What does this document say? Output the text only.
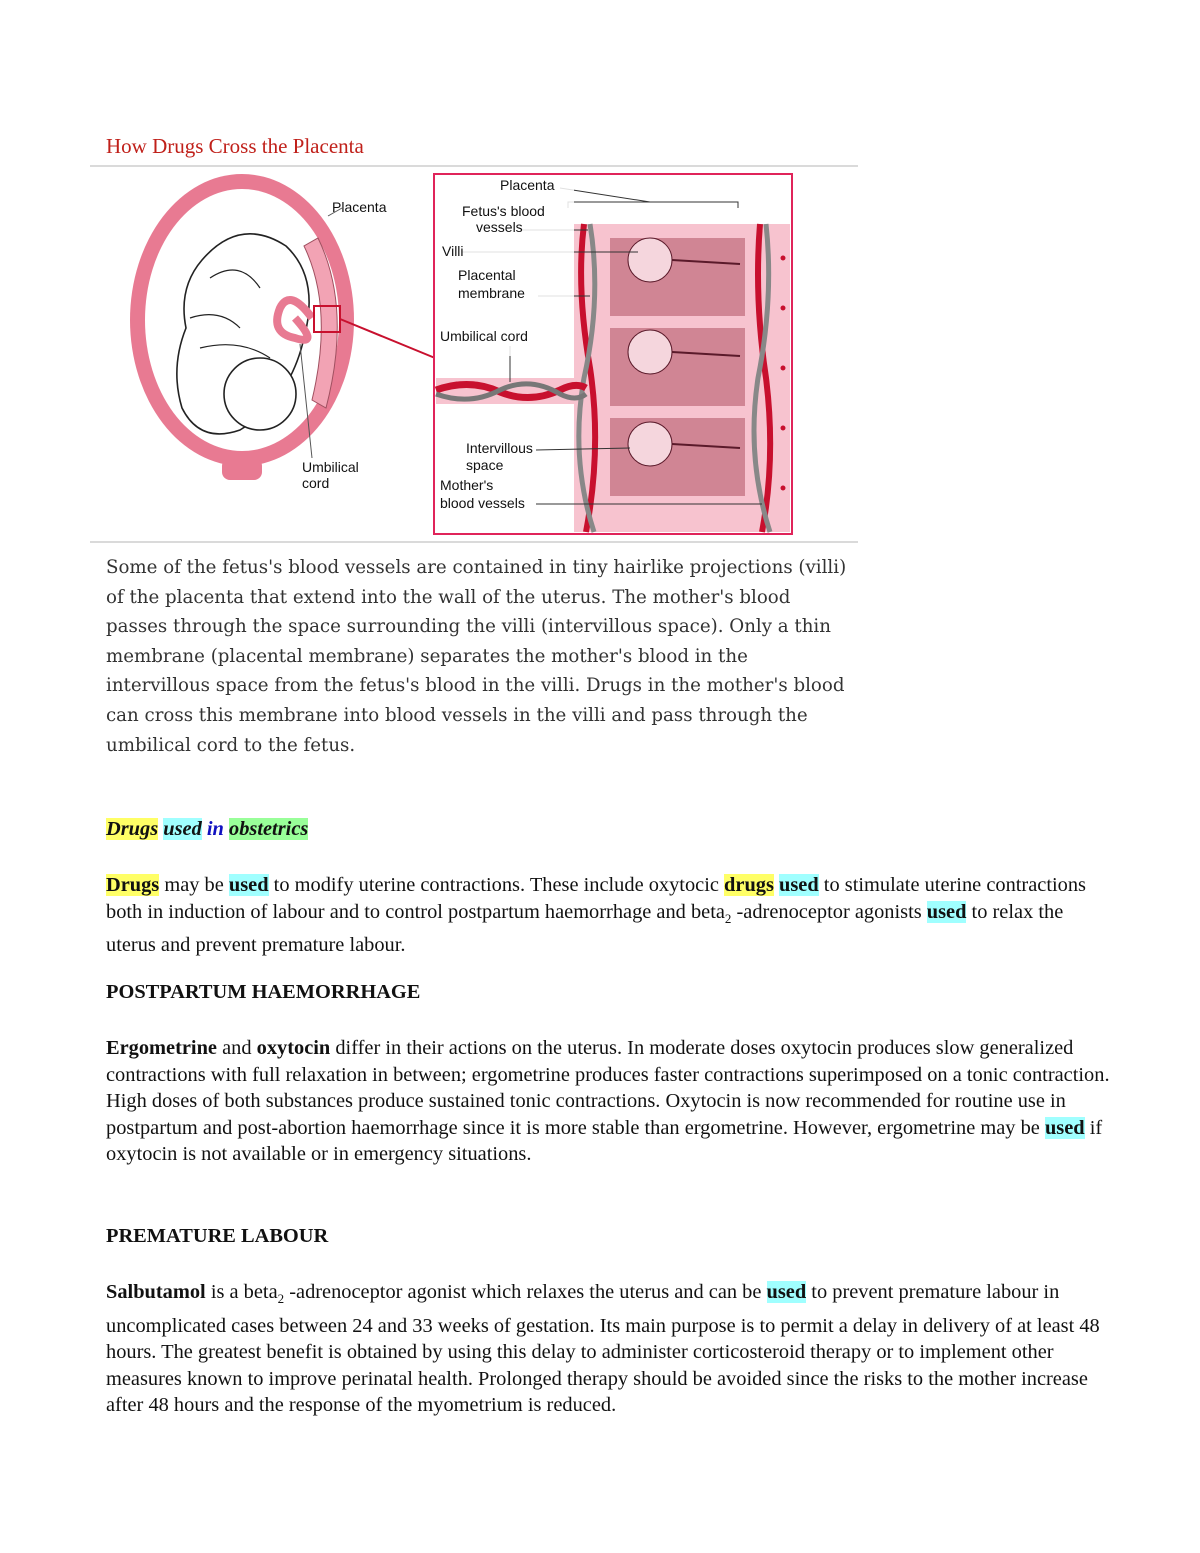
How Drugs Cross the Placenta
Placenta
Umbilical
cord
Placenta
Fetus's blood
vessels
Villi
Placental
membrane
Umbilical cord
Intervillous
space
Mother's
blood vessels

Some of the fetus's blood vessels are contained in tiny hairlike projections (villi) of the placenta that extend into the wall of the uterus. The mother's blood passes through the space surrounding the villi (intervillous space). Only a thin membrane (placental membrane) separates the mother's blood in the intervillous space from the fetus's blood in the villi. Drugs in the mother's blood can cross this membrane into blood vessels in the villi and pass through the umbilical cord to the fetus.

Drugs used in obstetrics

Drugs may be used to modify uterine contractions. These include oxytocic drugs used to stimulate uterine contractions both in induction of labour and to control postpartum haemorrhage and beta$_2$ -adrenoceptor agonists used to relax the uterus and prevent premature labour.

POSTPARTUM HAEMORRHAGE

Ergometrine and oxytocin differ in their actions on the uterus. In moderate doses oxytocin produces slow generalized contractions with full relaxation in between; ergometrine produces faster contractions superimposed on a tonic contraction. High doses of both substances produce sustained tonic contractions. Oxytocin is now recommended for routine use in postpartum and post-abortion haemorrhage since it is more stable than ergometrine. However, ergometrine may be used if oxytocin is not available or in emergency situations.

PREMATURE LABOUR

Salbutamol is a beta$_2$ -adrenoceptor agonist which relaxes the uterus and can be used to prevent premature labour in uncomplicated cases between 24 and 33 weeks of gestation. Its main purpose is to permit a delay in delivery of at least 48 hours. The greatest benefit is obtained by using this delay to administer corticosteroid therapy or to implement other measures known to improve perinatal health. Prolonged therapy should be avoided since the risks to the mother increase after 48 hours and the response of the myometrium is reduced.
